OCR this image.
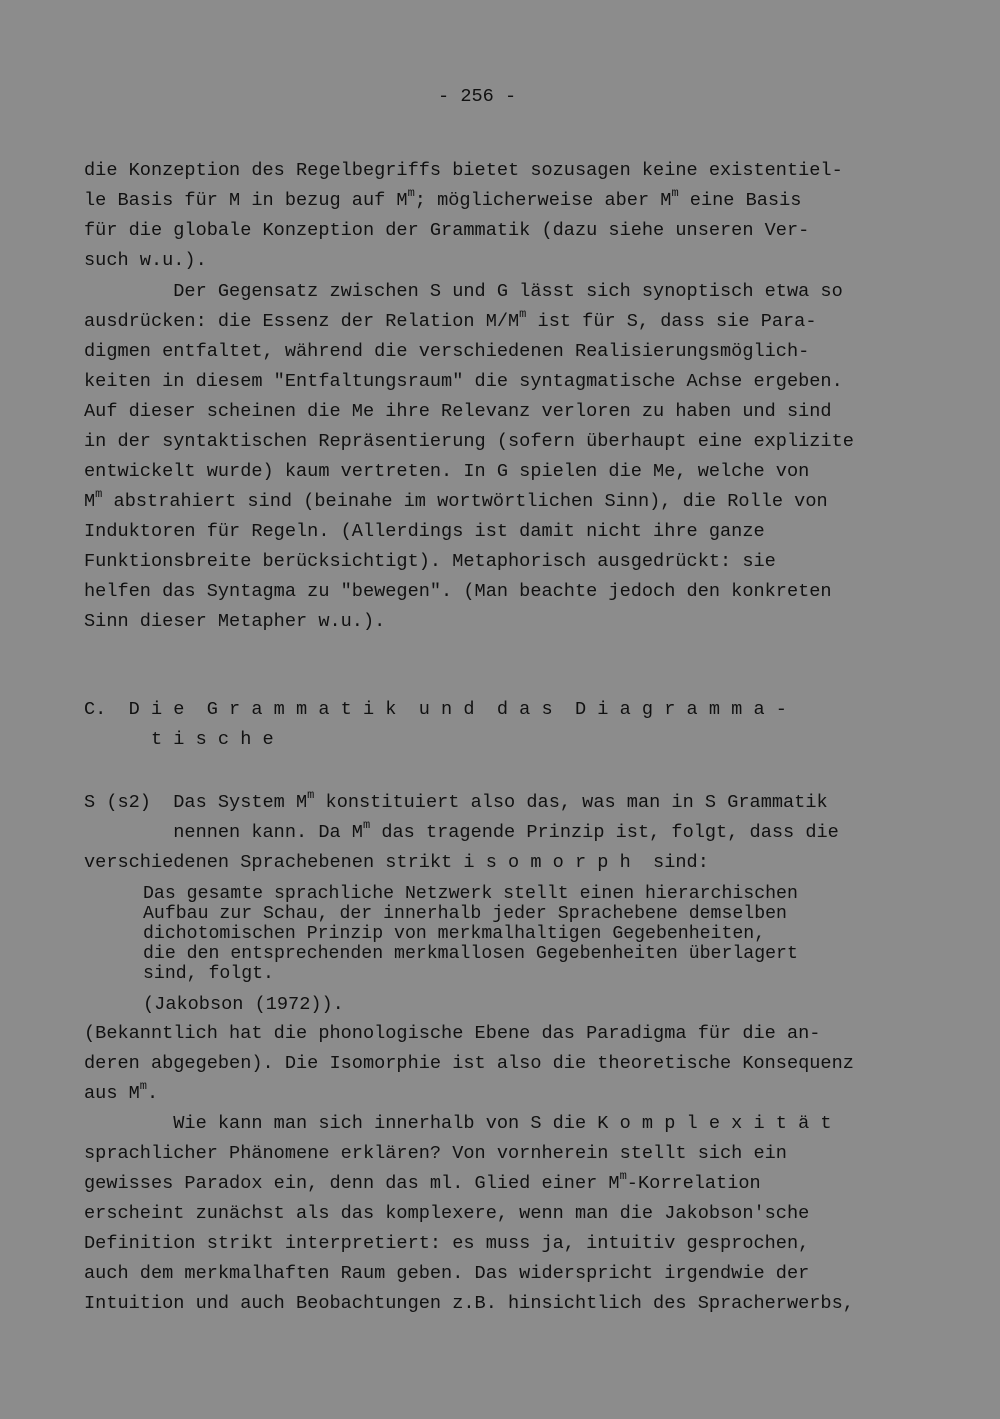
- 256 -
die Konzeption des Regelbegriffs bietet sozusagen keine existentiel-
le Basis für M in bezug auf $M^m$; möglicherweise aber $M^m$ eine Basis
für die globale Konzeption der Grammatik (dazu siehe unseren Ver-
such w.u.).
Der Gegensatz zwischen S und G lässt sich synoptisch etwa so
ausdrücken: die Essenz der Relation $M/M^m$ ist für S, dass sie Para-
digmen entfaltet, während die verschiedenen Realisierungsmöglich-
keiten in diesem "Entfaltungsraum" die syntagmatische Achse ergeben.
Auf dieser scheinen die Me ihre Relevanz verloren zu haben und sind
in der syntaktischen Repräsentierung (sofern überhaupt eine explizite
entwickelt wurde) kaum vertreten. In G spielen die Me, welche von
$M^m$ abstrahiert sind (beinahe im wortwörtlichen Sinn), die Rolle von
Induktoren für Regeln. (Allerdings ist damit nicht ihre ganze
Funktionsbreite berücksichtigt). Metaphorisch ausgedrückt: sie
helfen das Syntagma zu "bewegen". (Man beachte jedoch den konkreten
Sinn dieser Metapher w.u.).
C.  D i e  G r a m m a t i k  u n d  d a s  D i a g r a m m a -
t i s c h e
S (s2)  Das System $M^m$ konstituiert also das, was man in S Grammatik
nennen kann. Da $M^m$ das tragende Prinzip ist, folgt, dass die
verschiedenen Sprachebenen strikt i s o m o r p h  sind:
Das gesamte sprachliche Netzwerk stellt einen hierarchischen
Aufbau zur Schau, der innerhalb jeder Sprachebene demselben
dichotomischen Prinzip von merkmalhaltigen Gegebenheiten,
die den entsprechenden merkmallosen Gegebenheiten überlagert
sind, folgt.
(Jakobson (1972)).
(Bekanntlich hat die phonologische Ebene das Paradigma für die an-
deren abgegeben). Die Isomorphie ist also die theoretische Konsequenz
aus $M^m$.
Wie kann man sich innerhalb von S die K o m p l e x i t ä t
sprachlicher Phänomene erklären? Von vornherein stellt sich ein
gewisses Paradox ein, denn das ml. Glied einer $M^m$-Korrelation
erscheint zunächst als das komplexere, wenn man die Jakobson'sche
Definition strikt interpretiert: es muss ja, intuitiv gesprochen,
auch dem merkmalhaften Raum geben. Das widerspricht irgendwie der
Intuition und auch Beobachtungen z.B. hinsichtlich des Spracherwerbs,
